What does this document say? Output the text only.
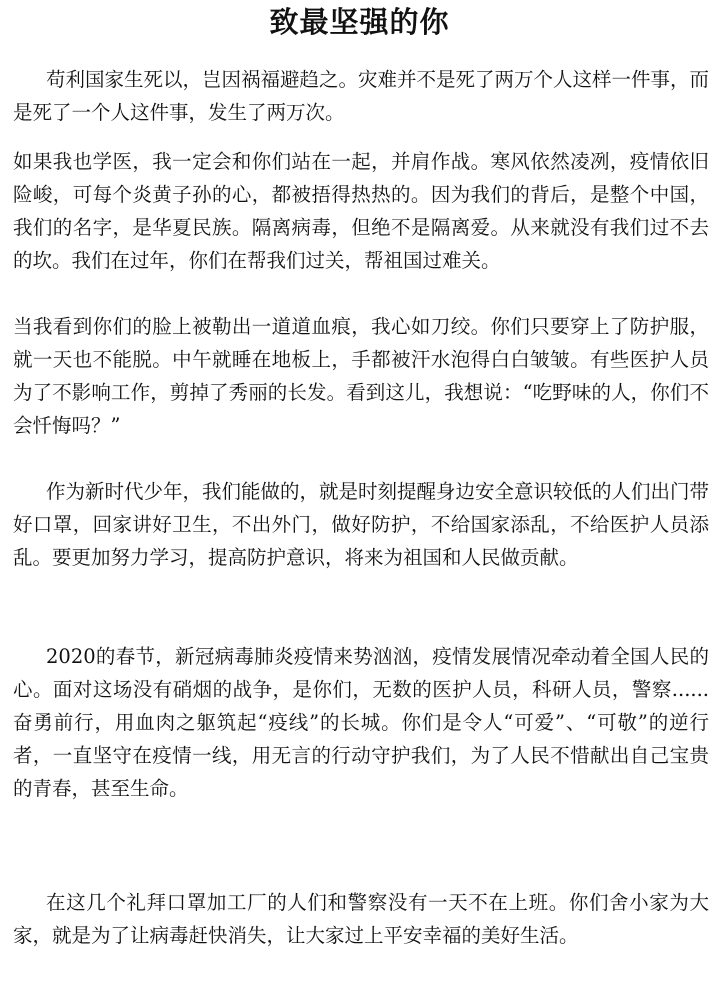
致最坚强的你

苟利国家生死以，岂因祸福避趋之。灾难并不是死了两万个人这样一件事，而是死了一个人这件事，发生了两万次。

如果我也学医，我一定会和你们站在一起，并肩作战。寒风依然凌冽，疫情依旧险峻，可每个炎黄子孙的心，都被捂得热热的。因为我们的背后，是整个中国，我们的名字，是华夏民族。隔离病毒，但绝不是隔离爱。从来就没有我们过不去的坎。我们在过年，你们在帮我们过关，帮祖国过难关。

当我看到你们的脸上被勒出一道道血痕，我心如刀绞。你们只要穿上了防护服，就一天也不能脱。中午就睡在地板上，手都被汗水泡得白白皱皱。有些医护人员为了不影响工作，剪掉了秀丽的长发。看到这儿，我想说：“吃野味的人，你们不会忏悔吗？”

作为新时代少年，我们能做的，就是时刻提醒身边安全意识较低的人们出门带好口罩，回家讲好卫生，不出外门，做好防护，不给国家添乱，不给医护人员添乱。要更加努力学习，提高防护意识，将来为祖国和人民做贡献。

2020的春节，新冠病毒肺炎疫情来势汹汹，疫情发展情况牵动着全国人民的心。面对这场没有硝烟的战争，是你们，无数的医护人员，科研人员，警察......奋勇前行，用血肉之躯筑起“疫线”的长城。你们是令人“可爱”、“可敬”的逆行者，一直坚守在疫情一线，用无言的行动守护我们，为了人民不惜献出自己宝贵的青春，甚至生命。

在这几个礼拜口罩加工厂的人们和警察没有一天不在上班。你们舍小家为大家，就是为了让病毒赶快消失，让大家过上平安幸福的美好生活。
